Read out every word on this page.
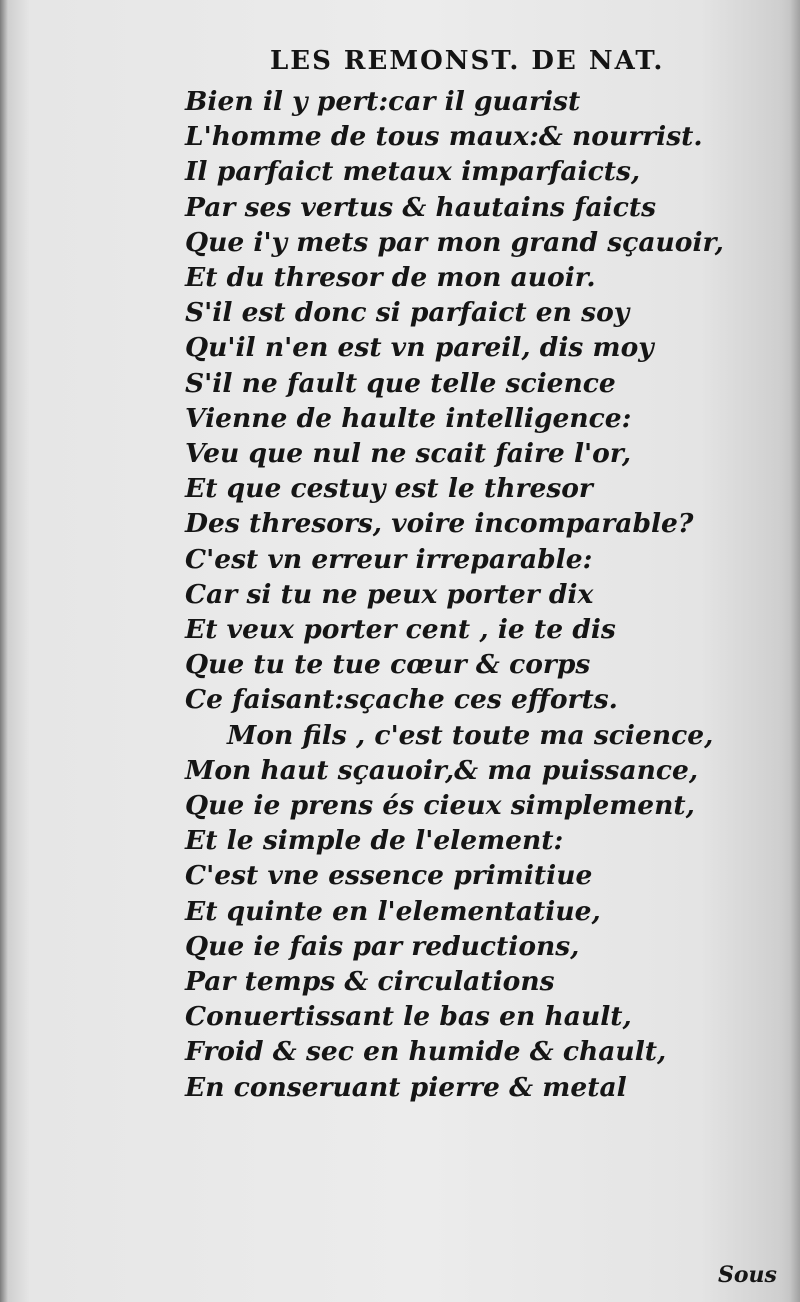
LES REMONST. DE NAT.
Bien il y pert:car il guarist
L'homme de tous maux:& nourrist.
Il parfaict metaux imparfaicts,
Par ses vertus & hautains faicts
Que i'y mets par mon grand sçauoir,
Et du thresor de mon auoir.
S'il est donc si parfaict en soy
Qu'il n'en est vn pareil, dis moy
S'il ne fault que telle science
Vienne de haulte intelligence:
Veu que nul ne scait faire l'or,
Et que cestuy est le thresor
Des thresors, voire incomparable?
C'est vn erreur irreparable:
Car si tu ne peux porter dix
Et veux porter cent , ie te dis
Que tu te tue cœur & corps
Ce faisant:sçache ces efforts.
Mon fils , c'est toute ma science,
Mon haut sçauoir,& ma puissance,
Que ie prens és cieux simplement,
Et le simple de l'element:
C'est vne essence primitiue
Et quinte en l'elementatiue,
Que ie fais par reductions,
Par temps & circulations
Conuertissant le bas en hault,
Froid & sec en humide & chault,
En conseruant pierre & metal
Sous
